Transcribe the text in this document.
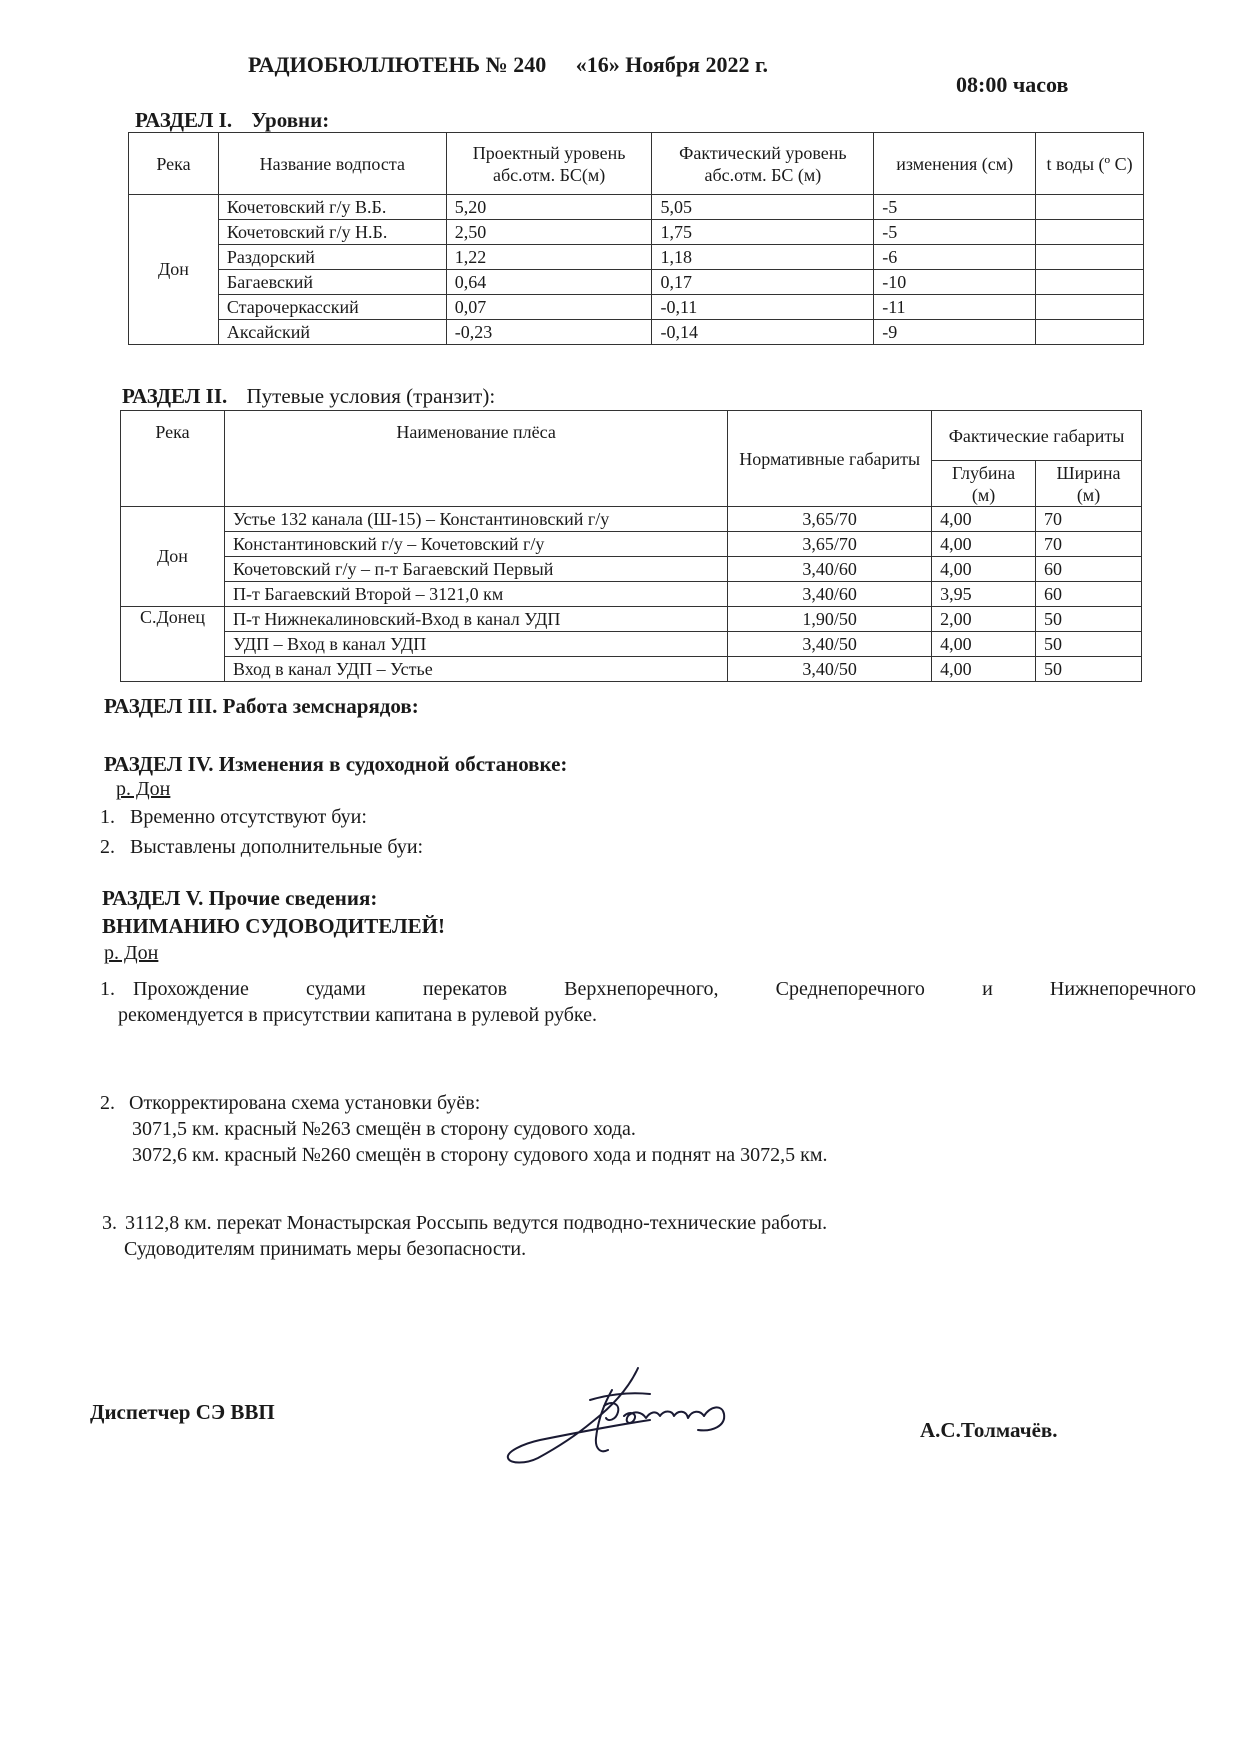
РАДИОБЮЛЛЮТЕНЬ № 240 «16» Ноября 2022 г.
08:00 часов
РАЗДЕЛ I. Уровни:
Река	Название водпоста	Проектный уровень абс.отм. БС(м)	Фактический уровень абс.отм. БС (м)	изменения (см)	t воды (º С)
Дон	Кочетовский г/у В.Б.	5,20	5,05	-5	
	Кочетовский г/у Н.Б.	2,50	1,75	-5	
	Раздорский	1,22	1,18	-6	
	Багаевский	0,64	0,17	-10	
	Старочеркасский	0,07	-0,11	-11	
	Аксайский	-0,23	-0,14	-9	
РАЗДЕЛ II. Путевые условия (транзит):
Река	Наименование плёса	Нормативные габариты	Фактические габариты	
			Глубина (м)	Ширина (м)
Дон	Устье 132 канала (Ш-15) – Константиновский г/у	3,65/70	4,00	70
	Константиновский г/у – Кочетовский г/у	3,65/70	4,00	70
	Кочетовский г/у – п-т Багаевский Первый	3,40/60	4,00	60
	П-т Багаевский Второй – 3121,0 км	3,40/60	3,95	60
С.Донец	П-т Нижнекалиновский-Вход в канал УДП	1,90/50	2,00	50
	УДП – Вход в канал УДП	3,40/50	4,00	50
	Вход в канал УДП – Устье	3,40/50	4,00	50
РАЗДЕЛ III. Работа земснарядов:
РАЗДЕЛ IV. Изменения в судоходной обстановке:
р. Дон
1. Временно отсутствуют буи:
2. Выставлены дополнительные буи:
РАЗДЕЛ V. Прочие сведения:
ВНИМАНИЮ СУДОВОДИТЕЛЕЙ!
р. Дон
1. Прохождение судами перекатов Верхнепоречного, Среднепоречного и Нижнепоречного
рекомендуется в присутствии капитана в рулевой рубке.
2. Откорректирована схема установки буёв:
3071,5 км. красный №263 смещён в сторону судового хода.
3072,6 км. красный №260 смещён в сторону судового хода и поднят на 3072,5 км.
3. 3112,8 км. перекат Монастырская Россыпь ведутся подводно-технические работы.
Судоводителям принимать меры безопасности.
Диспетчер СЭ ВВП
А.С.Толмачёв.
